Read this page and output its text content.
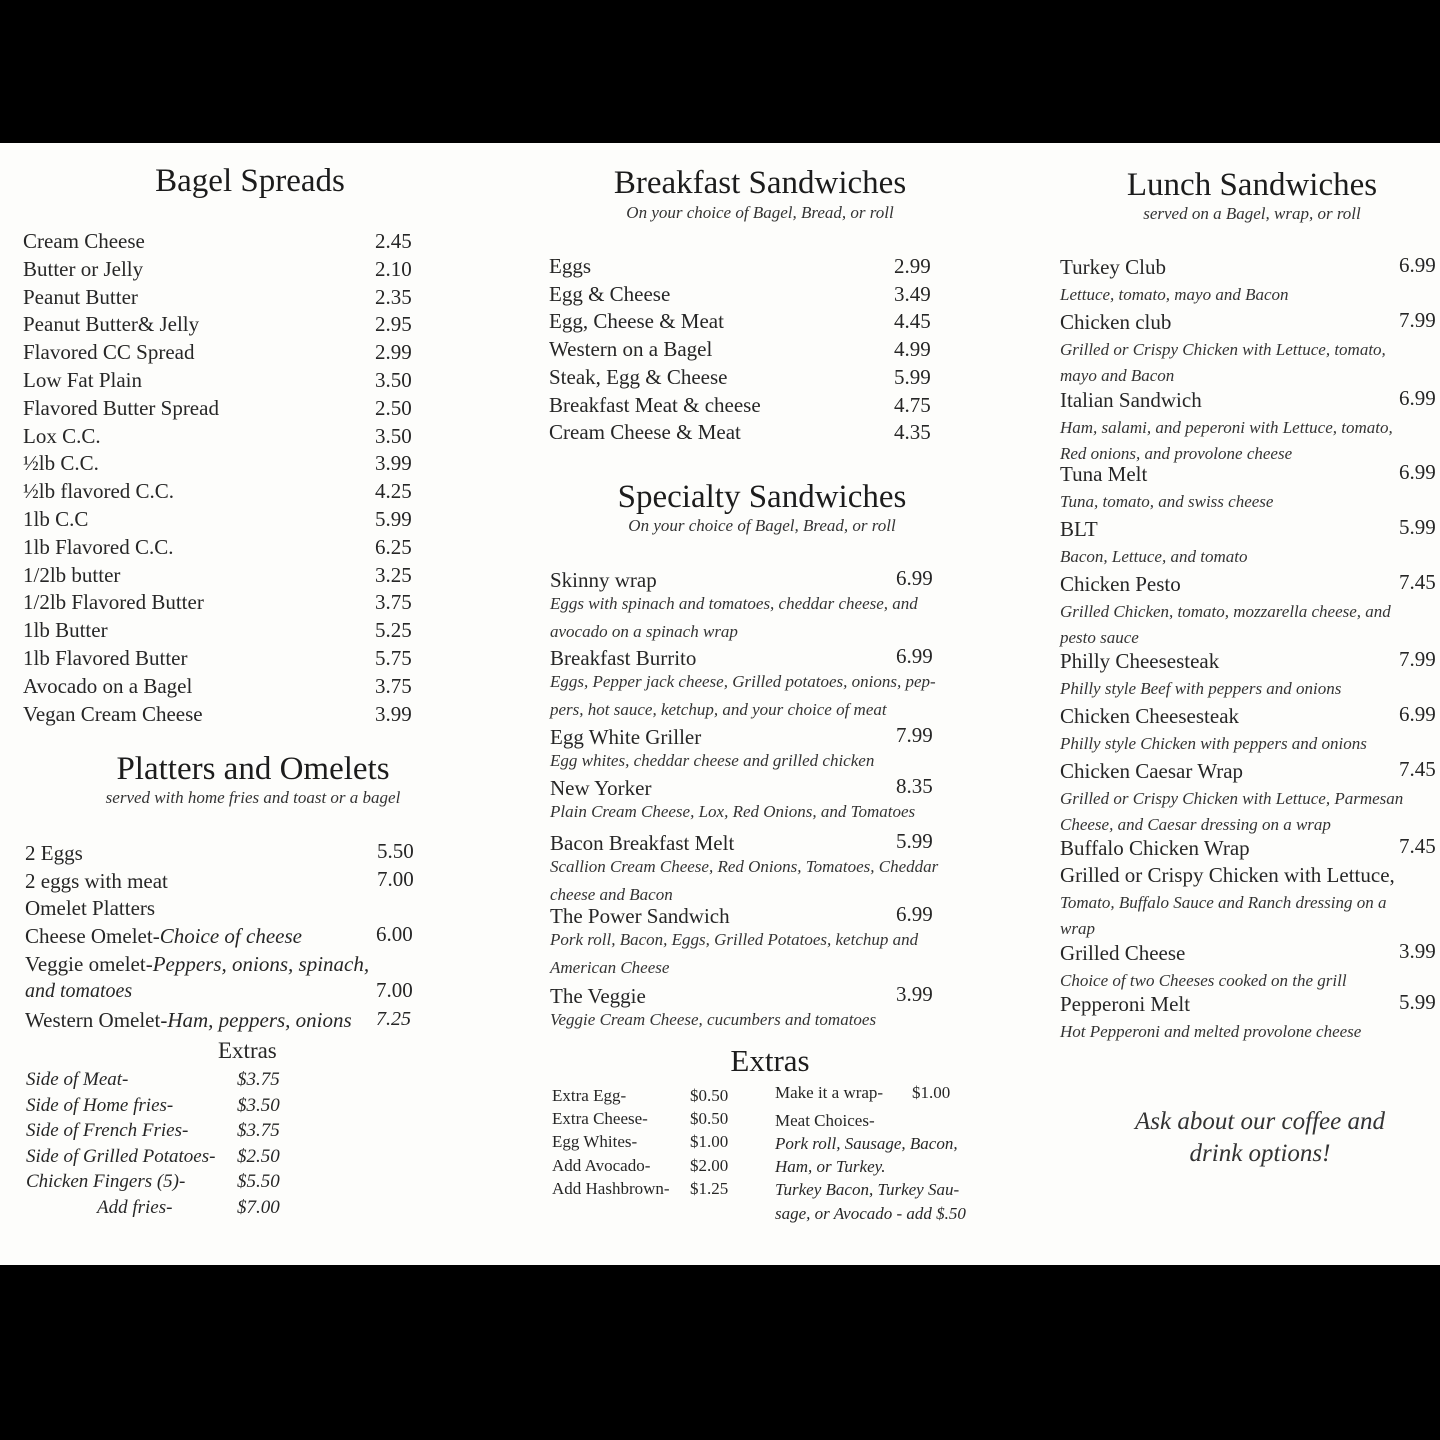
Bagel Spreads
Cream Cheese	2.45
Butter or Jelly	2.10
Peanut Butter	2.35
Peanut Butter& Jelly	2.95
Flavored CC Spread	2.99
Low Fat Plain	3.50
Flavored Butter Spread	2.50
Lox C.C.	3.50
½lb C.C.	3.99
½lb flavored C.C.	4.25
1lb C.C	5.99
1lb Flavored C.C.	6.25
1/2lb butter	3.25
1/2lb Flavored Butter	3.75
1lb Butter	5.25
1lb Flavored Butter	5.75
Avocado on a Bagel	3.75
Vegan Cream Cheese	3.99
Platters and Omelets
served with home fries and toast or a bagel
2 Eggs	5.50
2 eggs with meat	7.00
Omelet Platters
Cheese Omelet-Choice of cheese	6.00
Veggie omelet-Peppers, onions, spinach,
and tomatoes	7.00
Western Omelet-Ham, peppers, onions 7.25
Extras
Side of Meat-	$3.75
Side of Home fries-	$3.50
Side of French Fries-	$3.75
Side of Grilled Potatoes- $2.50
Chicken Fingers (5)-	$5.50
Add fries-	$7.00
Breakfast Sandwiches
On your choice of Bagel, Bread, or roll
Eggs	2.99
Egg & Cheese	3.49
Egg, Cheese & Meat	4.45
Western on a Bagel	4.99
Steak, Egg & Cheese	5.99
Breakfast Meat & cheese	4.75
Cream Cheese & Meat	4.35
Specialty Sandwiches
On your choice of Bagel, Bread, or roll
Skinny wrap	6.99
Eggs with spinach and tomatoes, cheddar cheese, and
avocado on a spinach wrap
Breakfast Burrito	6.99
Eggs, Pepper jack cheese, Grilled potatoes, onions, pep-
pers, hot sauce, ketchup, and your choice of meat
Egg White Griller	7.99
Egg whites, cheddar cheese and grilled chicken
New Yorker	8.35
Plain Cream Cheese, Lox, Red Onions, and Tomatoes
Bacon Breakfast Melt	5.99
Scallion Cream Cheese, Red Onions, Tomatoes, Cheddar
cheese and Bacon
The Power Sandwich	6.99
Pork roll, Bacon, Eggs, Grilled Potatoes, ketchup and
American Cheese
The Veggie	3.99
Veggie Cream Cheese, cucumbers and tomatoes
Extras
Extra Egg-	$0.50
Extra Cheese- $0.50
Egg Whites-	$1.00
Add Avocado- $2.00
Add Hashbrown- $1.25
Make it a wrap- $1.00
Meat Choices-
Pork roll, Sausage, Bacon,
Ham, or Turkey.
Turkey Bacon, Turkey Sau-
sage, or Avocado - add $.50
Lunch Sandwiches
served on a Bagel, wrap, or roll
Turkey Club	6.99
Lettuce, tomato, mayo and Bacon
Chicken club	7.99
Grilled or Crispy Chicken with Lettuce, tomato,
mayo and Bacon
Italian Sandwich	6.99
Ham, salami, and peperoni with Lettuce, tomato,
Red onions, and provolone cheese
Tuna Melt	6.99
Tuna, tomato, and swiss cheese
BLT	5.99
Bacon, Lettuce, and tomato
Chicken Pesto	7.45
Grilled Chicken, tomato, mozzarella cheese, and
pesto sauce
Philly Cheesesteak	7.99
Philly style Beef with peppers and onions
Chicken Cheesesteak	6.99
Philly style Chicken with peppers and onions
Chicken Caesar Wrap	7.45
Grilled or Crispy Chicken with Lettuce, Parmesan
Cheese, and Caesar dressing on a wrap
Buffalo Chicken Wrap	7.45
Grilled or Crispy Chicken with Lettuce,
Tomato, Buffalo Sauce and Ranch dressing on a
wrap
Grilled Cheese	3.99
Choice of two Cheeses cooked on the grill
Pepperoni Melt	5.99
Hot Pepperoni and melted provolone cheese
Ask about our coffee and
drink options!
